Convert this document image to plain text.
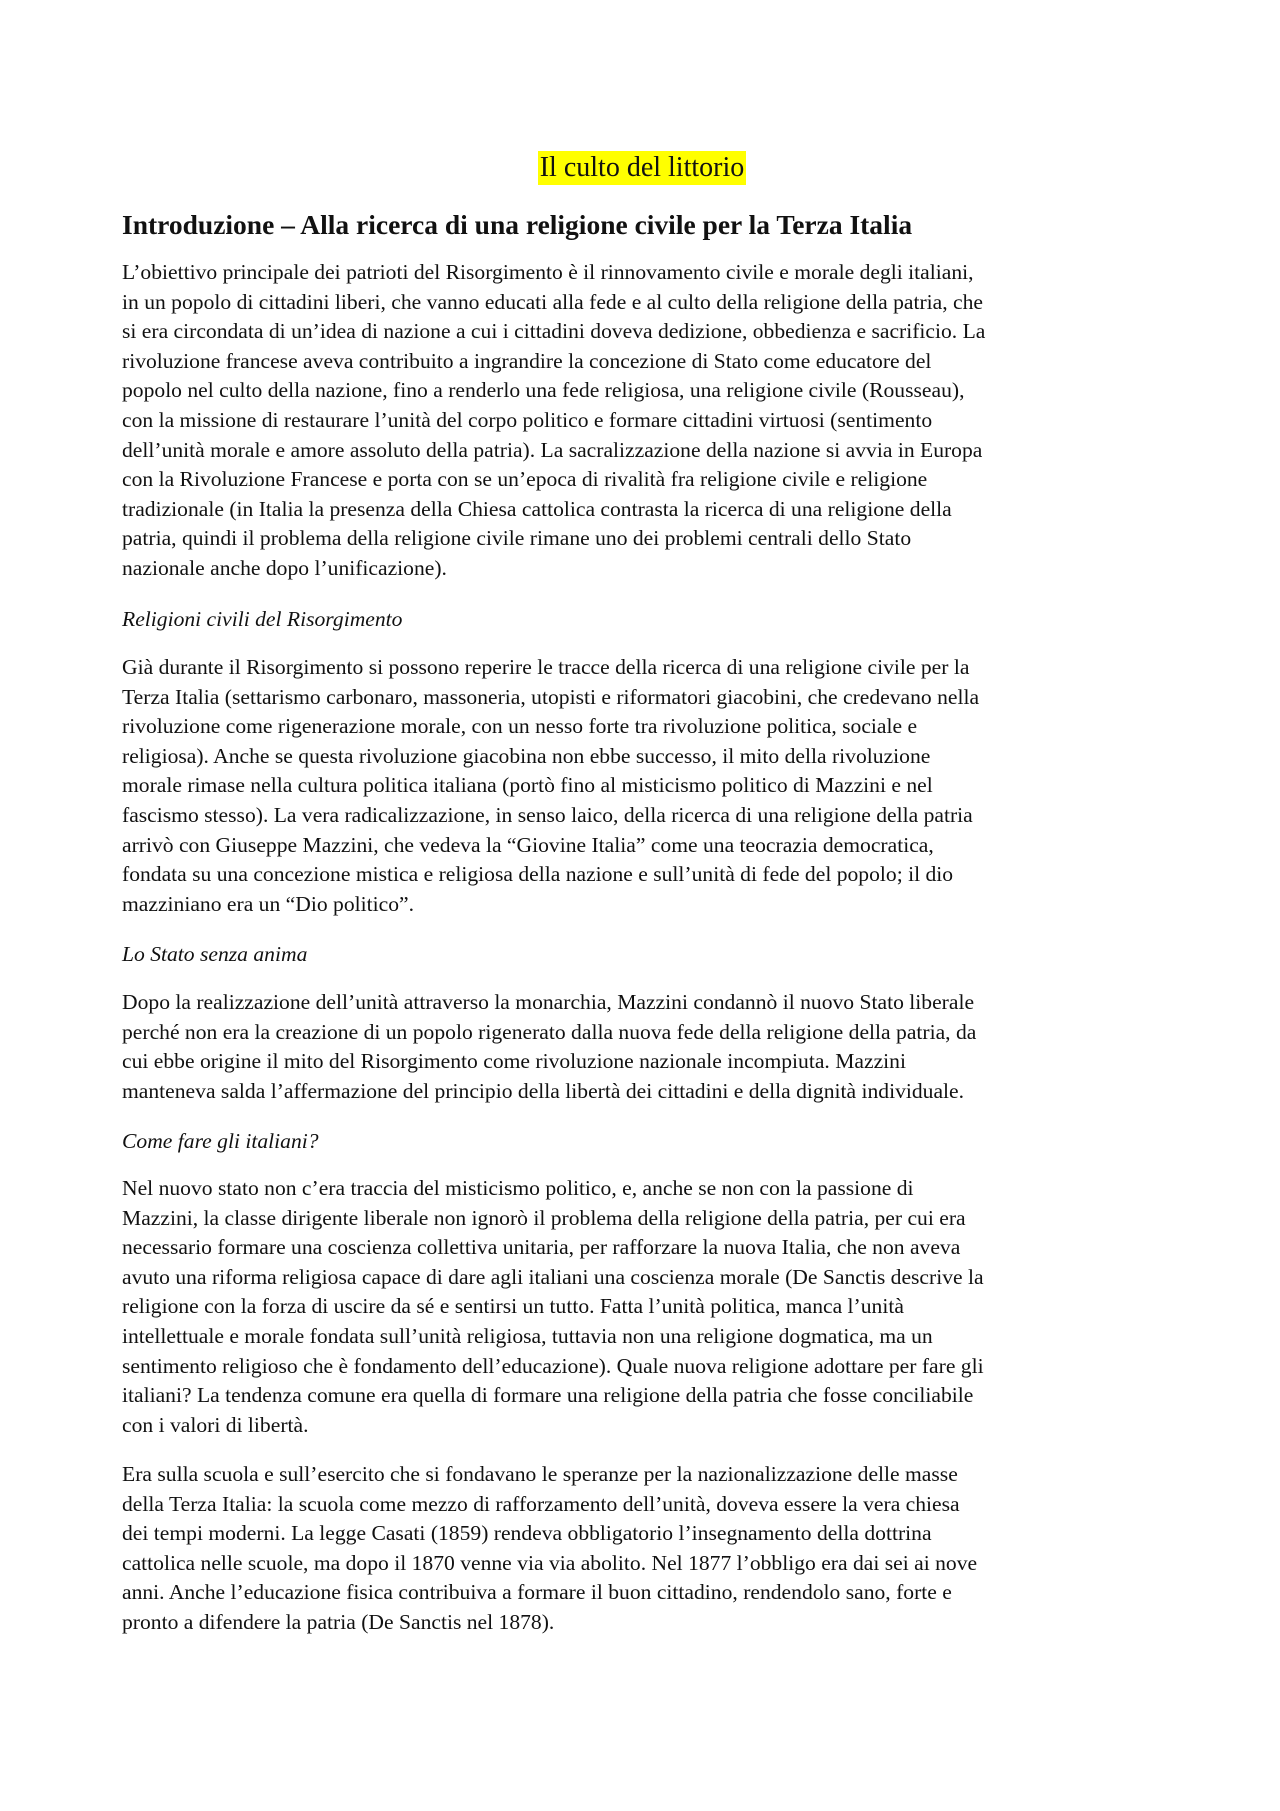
Il culto del littorio
Introduzione – Alla ricerca di una religione civile per la Terza Italia

L’obiettivo principale dei patrioti del Risorgimento è il rinnovamento civile e morale degli italiani,
in un popolo di cittadini liberi, che vanno educati alla fede e al culto della religione della patria, che
si era circondata di un’idea di nazione a cui i cittadini doveva dedizione, obbedienza e sacrificio. La
rivoluzione francese aveva contribuito a ingrandire la concezione di Stato come educatore del
popolo nel culto della nazione, fino a renderlo una fede religiosa, una religione civile (Rousseau),
con la missione di restaurare l’unità del corpo politico e formare cittadini virtuosi (sentimento
dell’unità morale e amore assoluto della patria). La sacralizzazione della nazione si avvia in Europa
con la Rivoluzione Francese e porta con se un’epoca di rivalità fra religione civile e religione
tradizionale (in Italia la presenza della Chiesa cattolica contrasta la ricerca di una religione della
patria, quindi il problema della religione civile rimane uno dei problemi centrali dello Stato
nazionale anche dopo l’unificazione).

Religioni civili del Risorgimento

Già durante il Risorgimento si possono reperire le tracce della ricerca di una religione civile per la
Terza Italia (settarismo carbonaro, massoneria, utopisti e riformatori giacobini, che credevano nella
rivoluzione come rigenerazione morale, con un nesso forte tra rivoluzione politica, sociale e
religiosa). Anche se questa rivoluzione giacobina non ebbe successo, il mito della rivoluzione
morale rimase nella cultura politica italiana (portò fino al misticismo politico di Mazzini e nel
fascismo stesso). La vera radicalizzazione, in senso laico, della ricerca di una religione della patria
arrivò con Giuseppe Mazzini, che vedeva la “Giovine Italia” come una teocrazia democratica,
fondata su una concezione mistica e religiosa della nazione e sull’unità di fede del popolo; il dio
mazziniano era un “Dio politico”.

Lo Stato senza anima

Dopo la realizzazione dell’unità attraverso la monarchia, Mazzini condannò il nuovo Stato liberale
perché non era la creazione di un popolo rigenerato dalla nuova fede della religione della patria, da
cui ebbe origine il mito del Risorgimento come rivoluzione nazionale incompiuta. Mazzini
manteneva salda l’affermazione del principio della libertà dei cittadini e della dignità individuale.

Come fare gli italiani?

Nel nuovo stato non c’era traccia del misticismo politico, e, anche se non con la passione di
Mazzini, la classe dirigente liberale non ignorò il problema della religione della patria, per cui era
necessario formare una coscienza collettiva unitaria, per rafforzare la nuova Italia, che non aveva
avuto una riforma religiosa capace di dare agli italiani una coscienza morale (De Sanctis descrive la
religione con la forza di uscire da sé e sentirsi un tutto. Fatta l’unità politica, manca l’unità
intellettuale e morale fondata sull’unità religiosa, tuttavia non una religione dogmatica, ma un
sentimento religioso che è fondamento dell’educazione). Quale nuova religione adottare per fare gli
italiani? La tendenza comune era quella di formare una religione della patria che fosse conciliabile
con i valori di libertà.

Era sulla scuola e sull’esercito che si fondavano le speranze per la nazionalizzazione delle masse
della Terza Italia: la scuola come mezzo di rafforzamento dell’unità, doveva essere la vera chiesa
dei tempi moderni. La legge Casati (1859) rendeva obbligatorio l’insegnamento della dottrina
cattolica nelle scuole, ma dopo il 1870 venne via via abolito. Nel 1877 l’obbligo era dai sei ai nove
anni. Anche l’educazione fisica contribuiva a formare il buon cittadino, rendendolo sano, forte e
pronto a difendere la patria (De Sanctis nel 1878).
